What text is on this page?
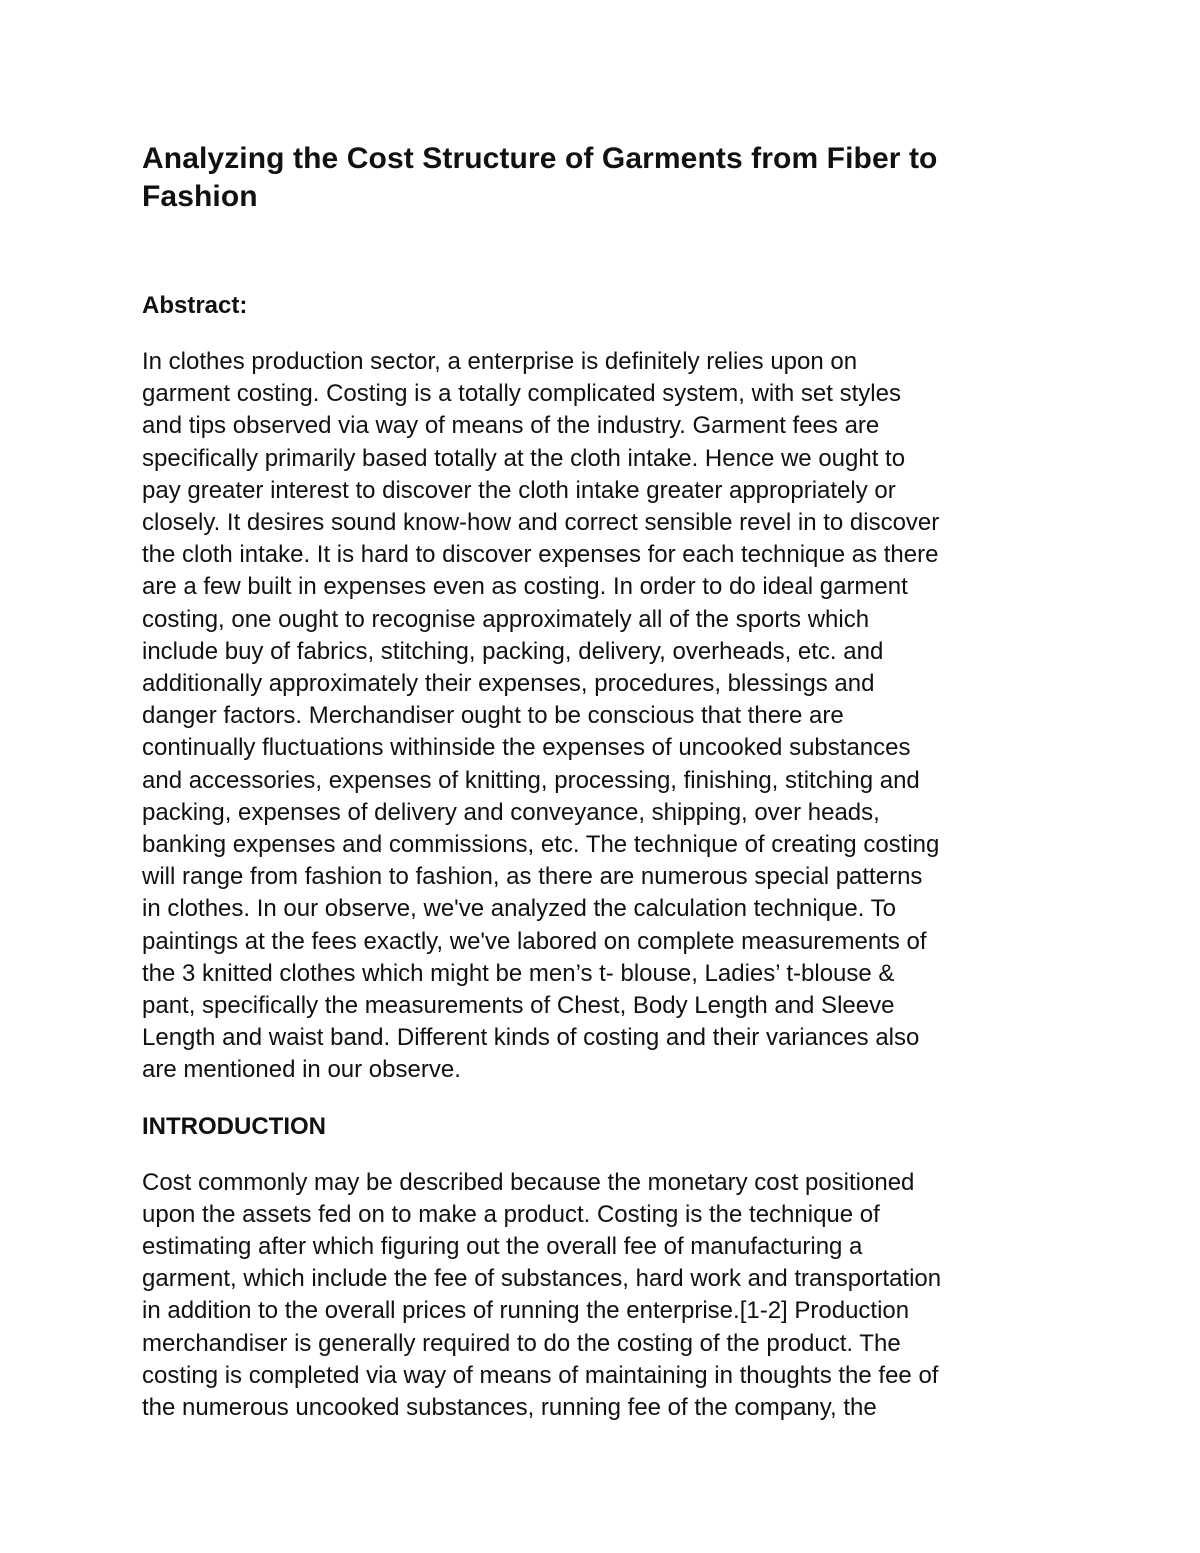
Analyzing the Cost Structure of Garments from Fiber to
Fashion
Abstract:

In clothes production sector, a enterprise is definitely relies upon on
garment costing. Costing is a totally complicated system, with set styles
and tips observed via way of means of the industry. Garment fees are
specifically primarily based totally at the cloth intake. Hence we ought to
pay greater interest to discover the cloth intake greater appropriately or
closely. It desires sound know-how and correct sensible revel in to discover
the cloth intake. It is hard to discover expenses for each technique as there
are a few built in expenses even as costing. In order to do ideal garment
costing, one ought to recognise approximately all of the sports which
include buy of fabrics, stitching, packing, delivery, overheads, etc. and
additionally approximately their expenses, procedures, blessings and
danger factors. Merchandiser ought to be conscious that there are
continually fluctuations withinside the expenses of uncooked substances
and accessories, expenses of knitting, processing, finishing, stitching and
packing, expenses of delivery and conveyance, shipping, over heads,
banking expenses and commissions, etc. The technique of creating costing
will range from fashion to fashion, as there are numerous special patterns
in clothes. In our observe, we've analyzed the calculation technique. To
paintings at the fees exactly, we've labored on complete measurements of
the 3 knitted clothes which might be men’s t- blouse, Ladies’ t-blouse &
pant, specifically the measurements of Chest, Body Length and Sleeve
Length and waist band. Different kinds of costing and their variances also
are mentioned in our observe.

INTRODUCTION

Cost commonly may be described because the monetary cost positioned
upon the assets fed on to make a product. Costing is the technique of
estimating after which figuring out the overall fee of manufacturing a
garment, which include the fee of substances, hard work and transportation
in addition to the overall prices of running the enterprise.[1-2] Production
merchandiser is generally required to do the costing of the product. The
costing is completed via way of means of maintaining in thoughts the fee of
the numerous uncooked substances, running fee of the company, the
